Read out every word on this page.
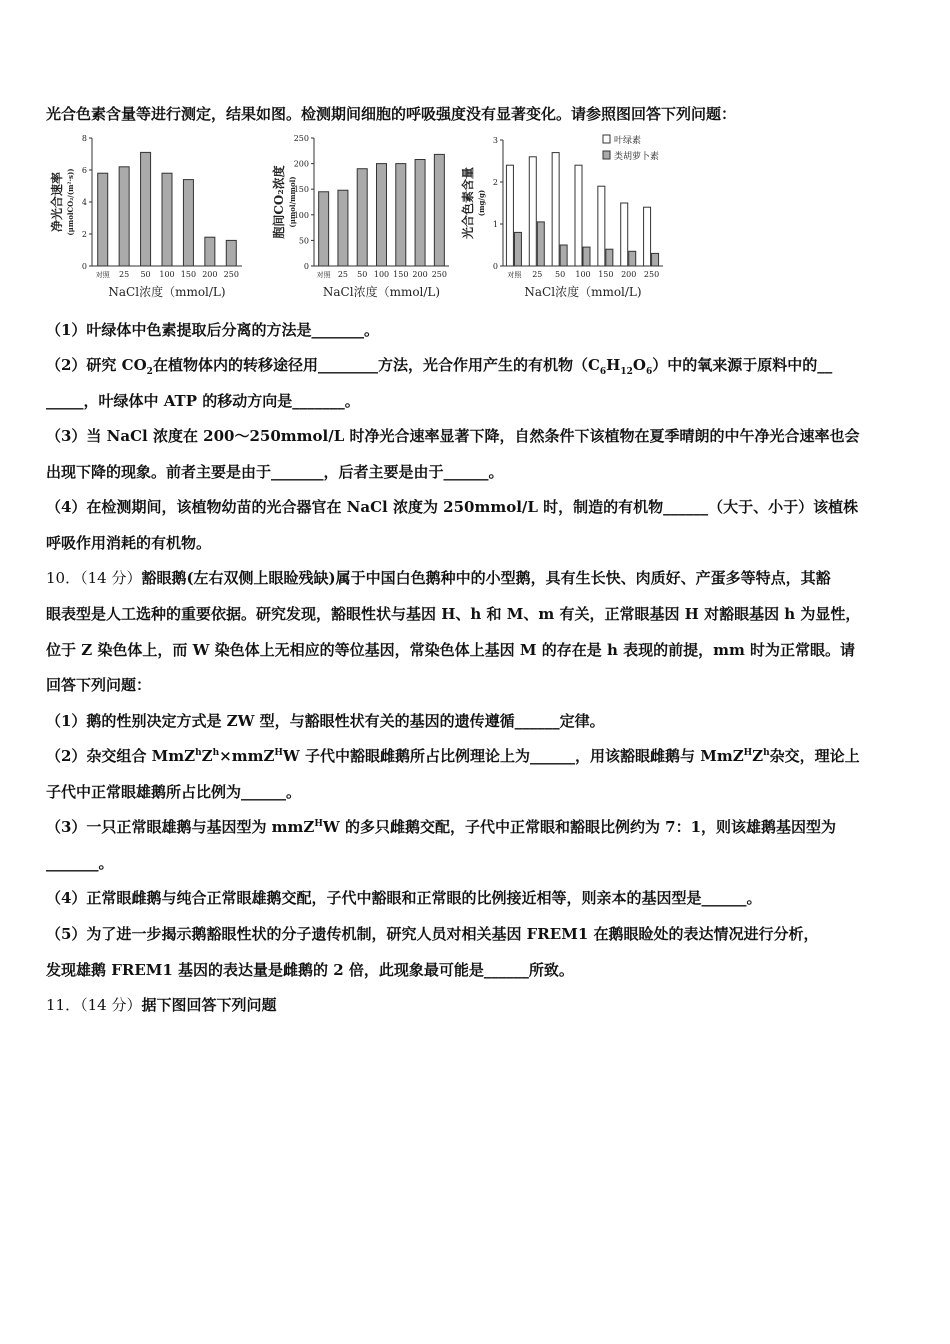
光合色素含量等进行测定，结果如图。检测期间细胞的呼吸强度没有显著变化。请参照图回答下列问题：
0
2
4
6
8
净光合速率 (μmolCO₂/(m²·s))
对照 25 50 100 150 200 250
NaCl浓度（mmol/L)
0
50
100
150
200
250
胞间CO₂浓度 (μmol/mmol)
对照 25 50 100 150 200 250
NaCl浓度（mmol/L)
0
1
2
3
光合色素含量 (mg/g)
对照 25 50 100 150 200 250
NaCl浓度（mmol/L)
叶绿素
类胡萝卜素
（1）叶绿体中色素提取后分离的方法是_______。
（2）研究 $CO_2$在植物体内的转移途径用________方法，光合作用产生的有机物$(C_6H_{12}O_6)$中的氧来源于原料中的__
_____，叶绿体中 ATP 的移动方向是_______。
（3）当 NaCl 浓度在 200～250mmol/L 时净光合速率显著下降，自然条件下该植物在夏季晴朗的中午净光合速率也会
出现下降的现象。前者主要是由于_______，后者主要是由于______。
（4）在检测期间，该植物幼苗的光合器官在 NaCl 浓度为 250mmol/L 时，制造的有机物______（大于、小于）该植株
呼吸作用消耗的有机物。
10．（14 分）豁眼鹅(左右双侧上眼睑残缺)属于中国白色鹅种中的小型鹅，具有生长快、肉质好、产蛋多等特点，其豁
眼表型是人工选种的重要依据。研究发现，豁眼性状与基因 H、h 和 M、m 有关，正常眼基因 H 对豁眼基因 h 为显性，
位于 Z 染色体上，而 W 染色体上无相应的等位基因，常染色体上基因 M 的存在是 h 表现的前提，mm 时为正常眼。请
回答下列问题：
（1）鹅的性别决定方式是 ZW 型，与豁眼性状有关的基因的遗传遵循______定律。
（2）杂交组合 $MmZ^hZ^h\times mmZ^HW$ 子代中豁眼雌鹅所占比例理论上为______，用该豁眼雌鹅与 $MmZ^HZ^h$杂交，理论上
子代中正常眼雄鹅所占比例为______。
（3）一只正常眼雄鹅与基因型为 mmZ$^H$W 的多只雌鹅交配，子代中正常眼和豁眼比例约为 7：1，则该雄鹅基因型为
_______。
（4）正常眼雌鹅与纯合正常眼雄鹅交配，子代中豁眼和正常眼的比例接近相等，则亲本的基因型是______。
（5）为了进一步揭示鹅豁眼性状的分子遗传机制，研究人员对相关基因 FREM1 在鹅眼睑处的表达情况进行分析，
发现雄鹅 FREM1 基因的表达量是雌鹅的 2 倍，此现象最可能是______所致。
11．（14 分）据下图回答下列问题
